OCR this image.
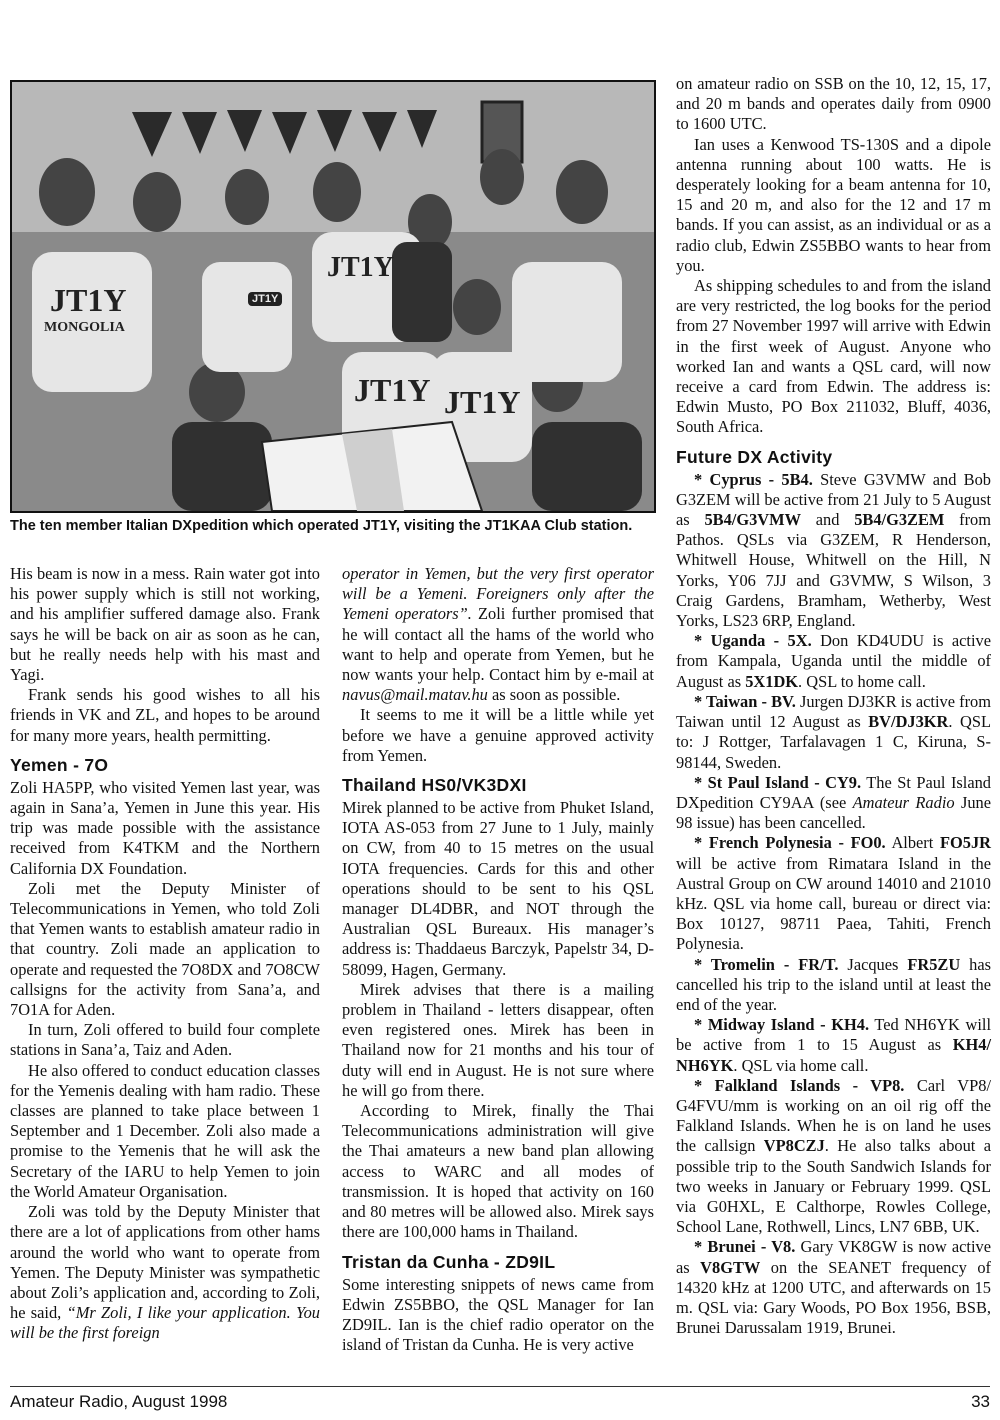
JT1Y
MONGOLIA
JT1Y
JT1Y JT1Y
JT1Y
The ten member Italian DXpedition which operated JT1Y, visiting the JT1KAA Club station.

His beam is now in a mess. Rain water got into his power supply which is still not working, and his amplifier suffered damage also. Frank says he will be back on air as soon as he can, but he really needs help with his mast and Yagi.

Frank sends his good wishes to all his friends in VK and ZL, and hopes to be around for many more years, health permitting.

Yemen - 7O

Zoli HA5PP, who visited Yemen last year, was again in Sana’a, Yemen in June this year. His trip was made possible with the assistance received from K4TKM and the Northern California DX Foundation.

Zoli met the Deputy Minister of Telecommunications in Yemen, who told Zoli that Yemen wants to establish amateur radio in that country. Zoli made an application to operate and requested the 7O8DX and 7O8CW callsigns for the activity from Sana’a, and 7O1A for Aden.

In turn, Zoli offered to build four complete stations in Sana’a, Taiz and Aden.

He also offered to conduct education classes for the Yemenis dealing with ham radio. These classes are planned to take place between 1 September and 1 December. Zoli also made a promise to the Yemenis that he will ask the Secretary of the IARU to help Yemen to join the World Amateur Organisation.

Zoli was told by the Deputy Minister that there are a lot of applications from other hams around the world who want to operate from Yemen. The Deputy Minister was sympathetic about Zoli’s application and, according to Zoli, he said, “Mr Zoli, I like your application. You will be the first foreign

operator in Yemen, but the very first operator will be a Yemeni. Foreigners only after the Yemeni operators”. Zoli further promised that he will contact all the hams of the world who want to help and operate from Yemen, but he now wants your help. Contact him by e-mail at navus@mail.matav.hu as soon as possible.

It seems to me it will be a little while yet before we have a genuine approved activity from Yemen.

Thailand HS0/VK3DXI

Mirek planned to be active from Phuket Island, IOTA AS-053 from 27 June to 1 July, mainly on CW, from 40 to 15 metres on the usual IOTA frequencies. Cards for this and other operations should to be sent to his QSL manager DL4DBR, and NOT through the Australian QSL Bureaux. His manager’s address is: Thaddaeus Barczyk, Papelstr 34, D-58099, Hagen, Germany.

Mirek advises that there is a mailing problem in Thailand - letters disappear, often even registered ones. Mirek has been in Thailand now for 21 months and his tour of duty will end in August. He is not sure where he will go from there.

According to Mirek, finally the Thai Telecommunications administration will give the Thai amateurs a new band plan allowing access to WARC and all modes of transmission. It is hoped that activity on 160 and 80 metres will be allowed also. Mirek says there are 100,000 hams in Thailand.

Tristan da Cunha - ZD9IL

Some interesting snippets of news came from Edwin ZS5BBO, the QSL Manager for Ian ZD9IL. Ian is the chief radio operator on the island of Tristan da Cunha. He is very active

on amateur radio on SSB on the 10, 12, 15, 17, and 20 m bands and operates daily from 0900 to 1600 UTC.

Ian uses a Kenwood TS-130S and a dipole antenna running about 100 watts. He is desperately looking for a beam antenna for 10, 15 and 20 m, and also for the 12 and 17 m bands. If you can assist, as an individual or as a radio club, Edwin ZS5BBO wants to hear from you.

As shipping schedules to and from the island are very restricted, the log books for the period from 27 November 1997 will arrive with Edwin in the first week of August. Anyone who worked Ian and wants a QSL card, will now receive a card from Edwin. The address is: Edwin Musto, PO Box 211032, Bluff, 4036, South Africa.

Future DX Activity

* Cyprus - 5B4. Steve G3VMW and Bob G3ZEM will be active from 21 July to 5 August as 5B4/G3VMW and 5B4/G3ZEM from Pathos. QSLs via G3ZEM, R Henderson, Whitwell House, Whitwell on the Hill, N Yorks, Y06 7JJ and G3VMW, S Wilson, 3 Craig Gardens, Bramham, Wetherby, West Yorks, LS23 6RP, England.

* Uganda - 5X. Don KD4UDU is active from Kampala, Uganda until the middle of August as 5X1DK. QSL to home call.

* Taiwan - BV. Jurgen DJ3KR is active from Taiwan until 12 August as BV/DJ3KR. QSL to: J Rottger, Tarfalavagen 1 C, Kiruna, S-98144, Sweden.

* St Paul Island - CY9. The St Paul Island DXpedition CY9AA (see Amateur Radio June 98 issue) has been cancelled.

* French Polynesia - FO0. Albert FO5JR will be active from Rimatara Island in the Austral Group on CW around 14010 and 21010 kHz. QSL via home call, bureau or direct via: Box 10127, 98711 Paea, Tahiti, French Polynesia.

* Tromelin - FR/T. Jacques FR5ZU has cancelled his trip to the island until at least the end of the year.

* Midway Island - KH4. Ted NH6YK will be active from 1 to 15 August as KH4/ NH6YK. QSL via home call.

* Falkland Islands - VP8. Carl VP8/ G4FVU/mm is working on an oil rig off the Falkland Islands. When he is on land he uses the callsign VP8CZJ. He also talks about a possible trip to the South Sandwich Islands for two weeks in January or February 1999. QSL via G0HXL, E Calthorpe, Rowles College, School Lane, Rothwell, Lincs, LN7 6BB, UK.

* Brunei - V8. Gary VK8GW is now active as V8GTW on the SEANET frequency of 14320 kHz at 1200 UTC, and afterwards on 15 m. QSL via: Gary Woods, PO Box 1956, BSB, Brunei Darussalam 1919, Brunei.

Amateur Radio, August 1998	33
